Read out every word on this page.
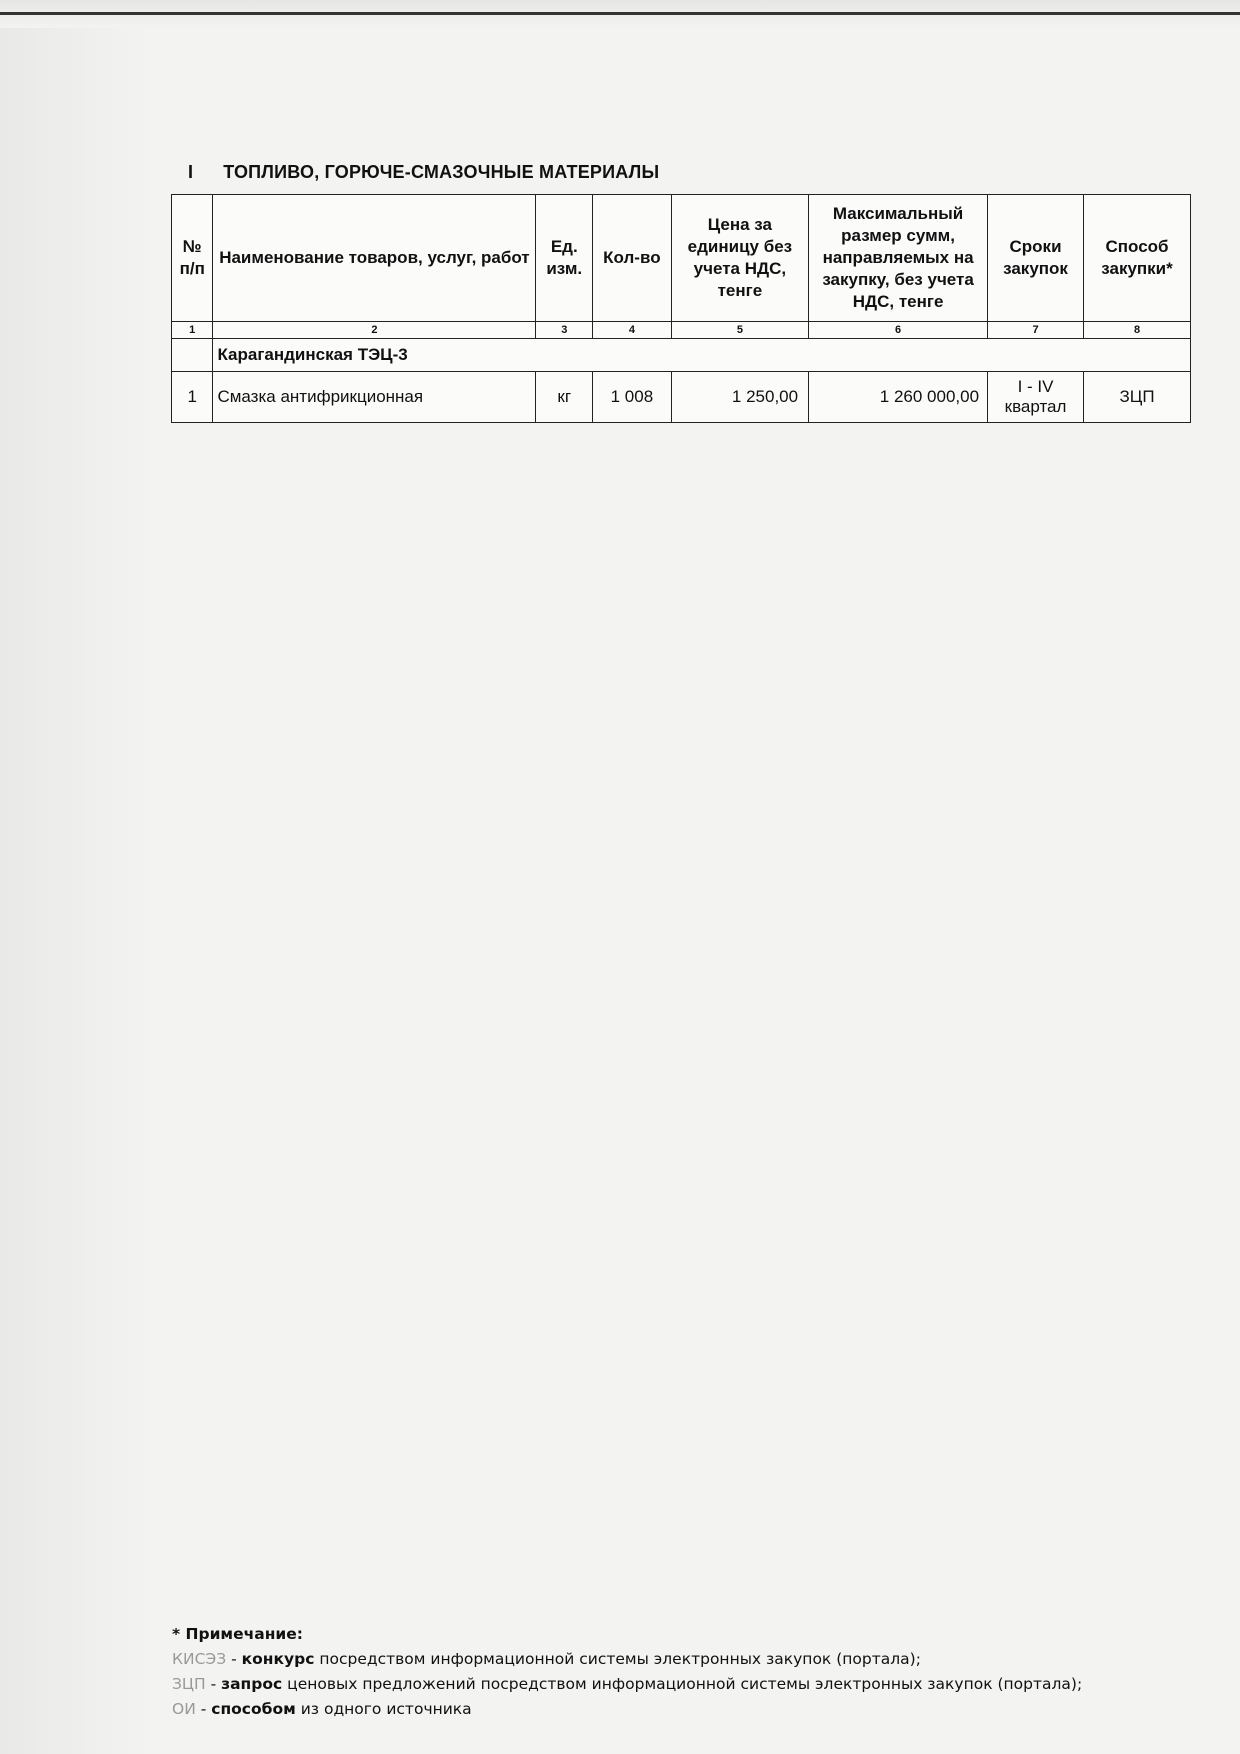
I ТОПЛИВО, ГОРЮЧЕ-СМАЗОЧНЫЕ МАТЕРИАЛЫ
№ п/п	Наименование товаров, услуг, работ	Ед. изм.	Кол-во	Цена за единицу без учета НДС, тенге	Максимальный размер сумм, направляемых на закупку, без учета НДС, тенге	Сроки закупок	Способ закупки*
1	2	3	4	5	6	7	8
	Карагандинская ТЭЦ-3						
1	Смазка антифрикционная	кг	1 008	1 250,00	1 260 000,00	I - IV квартал	ЗЦП
* Примечание:
КИСЭЗ - конкурс посредством информационной системы электронных закупок (портала);
ЗЦП - запрос ценовых предложений посредством информационной системы электронных закупок (портала);
ОИ - способом из одного источника
